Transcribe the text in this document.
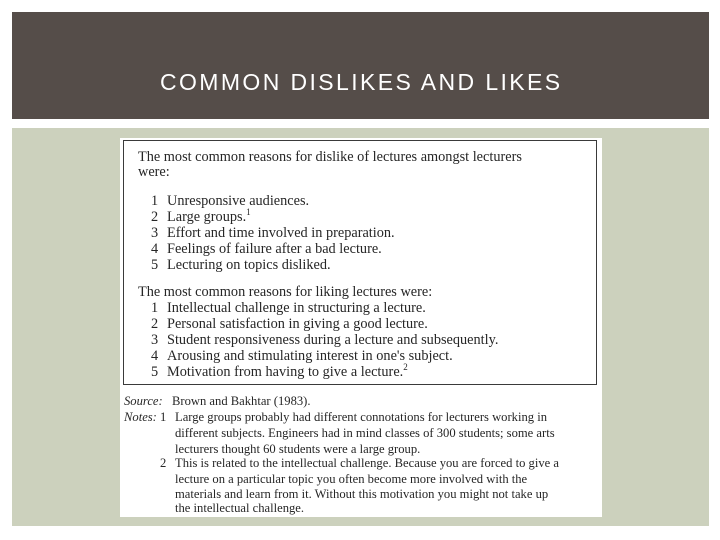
COMMON DISLIKES AND LIKES
The most common reasons for dislike of lectures amongst lecturers
were:
1 Unresponsive audiences.
2 Large groups.$^1$
3 Effort and time involved in preparation.
4 Feelings of failure after a bad lecture.
5 Lecturing on topics disliked.
The most common reasons for liking lectures were:
1 Intellectual challenge in structuring a lecture.
2 Personal satisfaction in giving a good lecture.
3 Student responsiveness during a lecture and subsequently.
4 Arousing and stimulating interest in one's subject.
5 Motivation from having to give a lecture.$^2$
Source: Brown and Bakhtar (1983).
Notes: 1 Large groups probably had different connotations for lecturers working in
different subjects. Engineers had in mind classes of 300 students; some arts
lecturers thought 60 students were a large group.
2 This is related to the intellectual challenge. Because you are forced to give a
lecture on a particular topic you often become more involved with the
materials and learn from it. Without this motivation you might not take up
the intellectual challenge.
